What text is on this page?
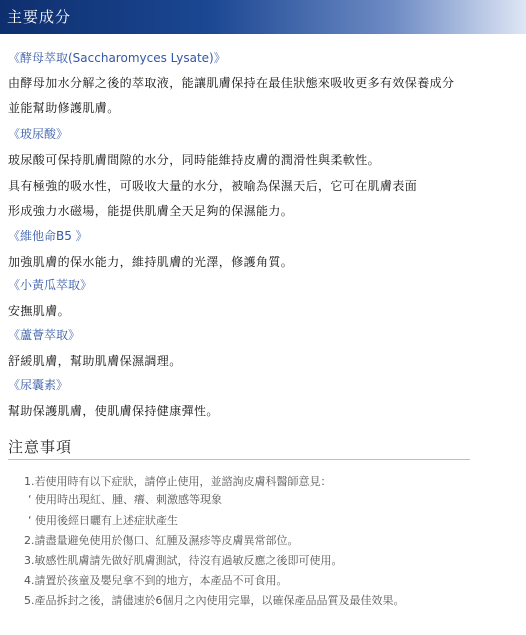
主要成分
《酵母萃取(Saccharomyces Lysate)》
由酵母加水分解之後的萃取液，能讓肌膚保持在最佳狀態來吸收更多有效保養成分
並能幫助修護肌膚。
《玻尿酸》
玻尿酸可保持肌膚間隙的水分，同時能維持皮膚的潤滑性與柔軟性。
具有極強的吸水性，可吸收大量的水分，被喻為保濕天后，它可在肌膚表面
形成強力水磁場，能提供肌膚全天足夠的保濕能力。
《維他命B5 》
加強肌膚的保水能力，維持肌膚的光澤，修護角質。
《小黃瓜萃取》
安撫肌膚。
《蘆薈萃取》
舒緩肌膚，幫助肌膚保濕調理。
《尿囊素》
幫助保護肌膚，使肌膚保持健康彈性。
注意事項
1.若使用時有以下症狀，請停止使用，並諮詢皮膚科醫師意見：
‘ 使用時出現紅、腫、癢、刺激感等現象
‘ 使用後經日曬有上述症狀產生
2.請盡量避免使用於傷口、紅腫及濕疹等皮膚異常部位。
3.敏感性肌膚請先做好肌膚測試，待沒有過敏反應之後即可使用。
4.請置於孩童及嬰兒拿不到的地方，本產品不可食用。
5.產品拆封之後，請儘速於6個月之內使用完畢，以確保產品品質及最佳效果。
